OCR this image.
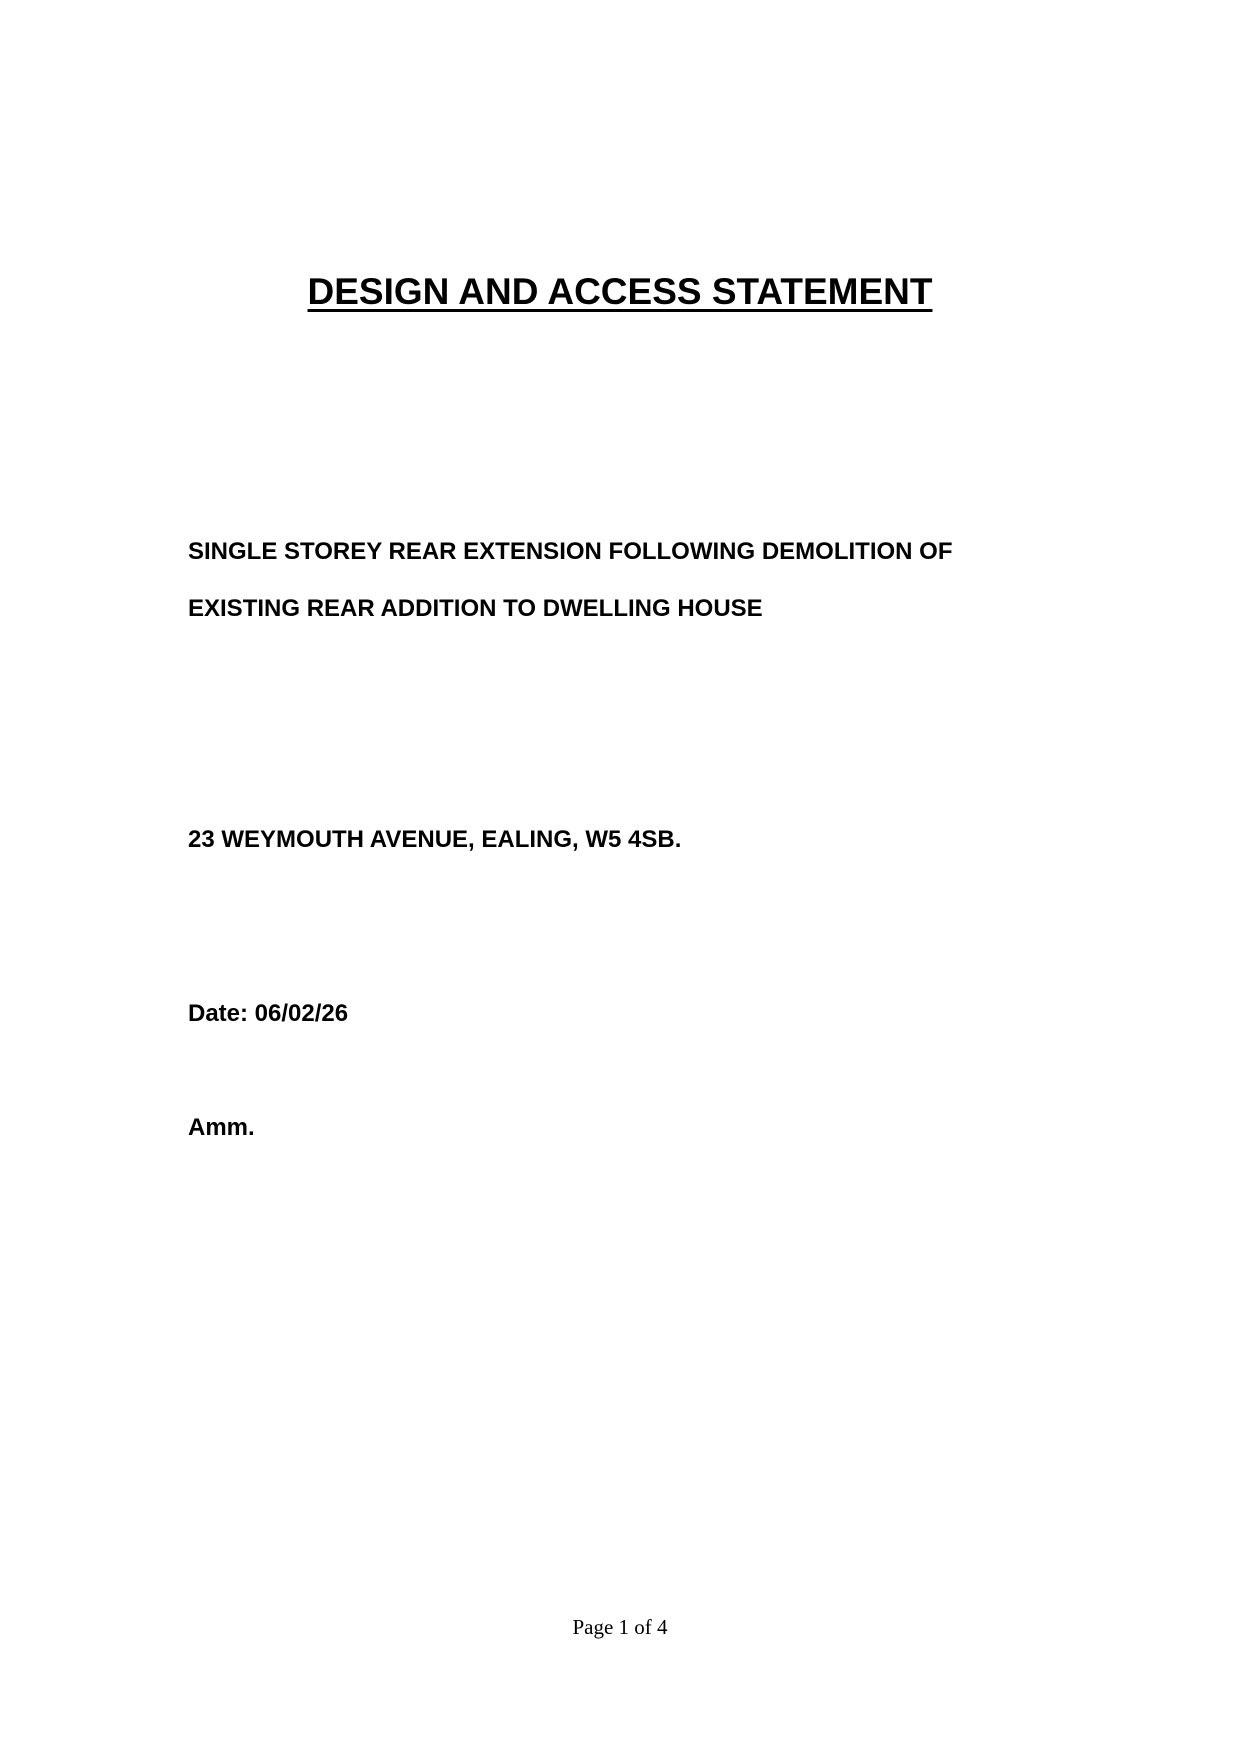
DESIGN AND ACCESS STATEMENT
SINGLE STOREY REAR EXTENSION FOLLOWING DEMOLITION OF
EXISTING REAR ADDITION TO DWELLING HOUSE
23 WEYMOUTH AVENUE, EALING, W5 4SB.
Date: 06/02/26
Amm.
Page 1 of 4
